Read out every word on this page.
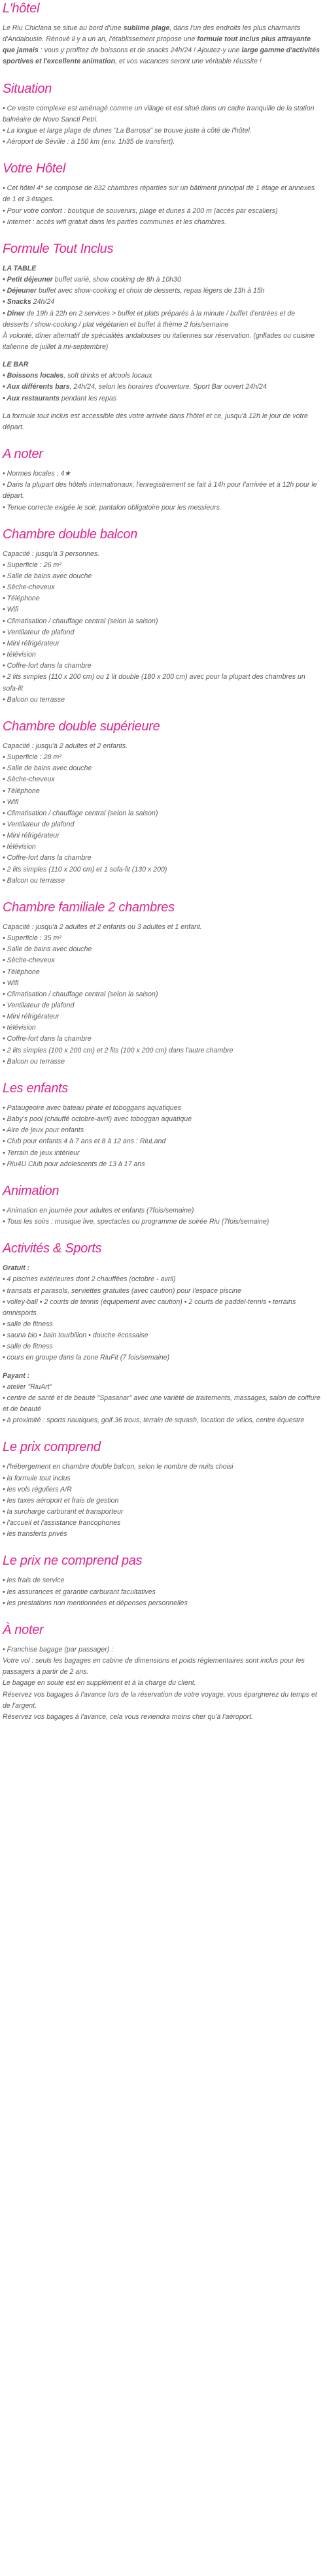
L'hôtel

Le Riu Chiclana se situe au bord d'une sublime plage, dans l'un des endroits les plus charmants d'Andalousie. Rénové il y a un an, l'établissement propose une formule tout inclus plus attrayante que jamais : vous y profitez de boissons et de snacks 24h/24 ! Ajoutez-y une large gamme d'activités sportives et l'excellente animation, et vos vacances seront une véritable réussite !

Situation

• Ce vaste complexe est aménagé comme un village et est situé dans un cadre tranquille de la station balnéaire de Novo Sancti Petri.

• La longue et large plage de dunes "La Barrosa" se trouve juste à côté de l'hôtel.

• Aéroport de Séville : à 150 km (env. 1h35 de transfert).

Votre Hôtel

• Cet hôtel 4* se compose de 832 chambres réparties sur un bâtiment principal de 1 étage et annexes de 1 et 3 étages.

• Pour votre confort : boutique de souvenirs, plage et dunes à 200 m (accès par escaliers)

• Internet : accès wifi gratuit dans les parties communes et les chambres.

Formule Tout Inclus

LA TABLE

• Petit déjeuner buffet varié, show cooking de 8h à 10h30

• Déjeuner buffet avec show-cooking et choix de desserts, repas légers de 13h à 15h

• Snacks 24h/24

• Dîner de 19h à 22h en 2 services > buffet et plats préparés à la minute / buffet d'entrées et de desserts / show-cooking / plat végétarien et buffet à thème 2 fois/semaine

À volonté, dîner alternatif de spécialités andalouses ou italiennes sur réservation. (grillades ou cuisine italienne de juillet à mi-septembre)

LE BAR

• Boissons locales, soft drinks et alcools locaux

• Aux différents bars, 24h/24, selon les horaires d'ouverture. Sport Bar ouvert 24h/24

• Aux restaurants pendant les repas

La formule tout inclus est accessible dès votre arrivée dans l'hôtel et ce, jusqu'à 12h le jour de votre départ.

A noter

• Normes locales : 4★

• Dans la plupart des hôtels internationaux, l'enregistrement se fait à 14h pour l'arrivée et à 12h pour le départ.

• Tenue correcte exigée le soir, pantalon obligatoire pour les messieurs.

Chambre double balcon

Capacité : jusqu'à 3 personnes.

• Superficie : 26 m²

• Salle de bains avec douche

• Sèche-cheveux

• Téléphone

• Wifi

• Climatisation / chauffage central (selon la saison)

• Ventilateur de plafond

• Mini réfrigérateur

• télévision

• Coffre-fort dans la chambre

• 2 lits simples (110 x 200 cm) ou 1 lit double (180 x 200 cm) avec pour la plupart des chambres un sofa-lit

• Balcon ou terrasse

Chambre double supérieure

Capacité : jusqu'à 2 adultes et 2 enfants.

• Superficie : 28 m²

• Salle de bains avec douche

• Sèche-cheveux

• Téléphone

• Wifi

• Climatisation / chauffage central (selon la saison)

• Ventilateur de plafond

• Mini réfrigérateur

• télévision

• Coffre-fort dans la chambre

• 2 lits simples (110 x 200 cm) et 1 sofa-lit (130 x 200)

• Balcon ou terrasse

Chambre familiale 2 chambres

Capacité : jusqu'à 2 adultes et 2 enfants ou 3 adultes et 1 enfant.

• Superficie : 35 m²

• Salle de bains avec douche

• Sèche-cheveux

• Téléphone

• Wifi

• Climatisation / chauffage central (selon la saison)

• Ventilateur de plafond

• Mini réfrigérateur

• télévision

• Coffre-fort dans la chambre

• 2 lits simples (100 x 200 cm) et 2 lits (100 x 200 cm) dans l'autre chambre

• Balcon ou terrasse

Les enfants

• Pataugeoire avec bateau pirate et toboggans aquatiques

• Baby's pool (chauffé octobre-avril) avec toboggan aquatique

• Aire de jeux pour enfants

• Club pour enfants 4 à 7 ans et 8 à 12 ans : RiuLand

• Terrain de jeux intérieur

• Riu4U Club pour adolescents de 13 à 17 ans

Animation

• Animation en journée pour adultes et enfants (7fois/semaine)

• Tous les soirs : musique live, spectacles ou programme de soirée Riu (7fois/semaine)

Activités & Sports

Gratuit :

• 4 piscines extérieures dont 2 chauffées (octobre - avril)

• transats et parasols, serviettes gratuites (avec caution) pour l'espace piscine

• volley-ball • 2 courts de tennis (équipement avec caution) • 2 courts de paddel-tennis • terrains omnisports

• salle de fitness

• sauna bio • bain tourbillon • douche écossaise

• salle de fitness

• cours en groupe dans la zone RiuFit (7 fois/semaine)

Payant :

• atelier "RiuArt"

• centre de santé et de beauté "Spasanar" avec une variété de traitements, massages, salon de coiffure et de beauté

• à proximité : sports nautiques, golf 36 trous, terrain de squash, location de vélos, centre équestre

Le prix comprend

• l'hébergement en chambre double balcon, selon le nombre de nuits choisi

• la formule tout inclus

• les vols réguliers A/R

• les taxes aéroport et frais de gestion

• la surcharge carburant et transporteur

• l'accueil et l'assistance francophones

• les transferts privés

Le prix ne comprend pas

• les frais de service

• les assurances et garantie carburant facultatives

• les prestations non mentionnées et dépenses personnelles

À noter

• Franchise bagage (par passager) :

Votre vol : seuls les bagages en cabine de dimensions et poids réglementaires sont inclus pour les passagers à partir de 2 ans.

Le bagage en soute est en supplément et à la charge du client.

Réservez vos bagages à l'avance lors de la réservation de votre voyage, vous épargnerez du temps et de l'argent.

Réservez vos bagages à l'avance, cela vous reviendra moins cher qu'à l'aéroport.
